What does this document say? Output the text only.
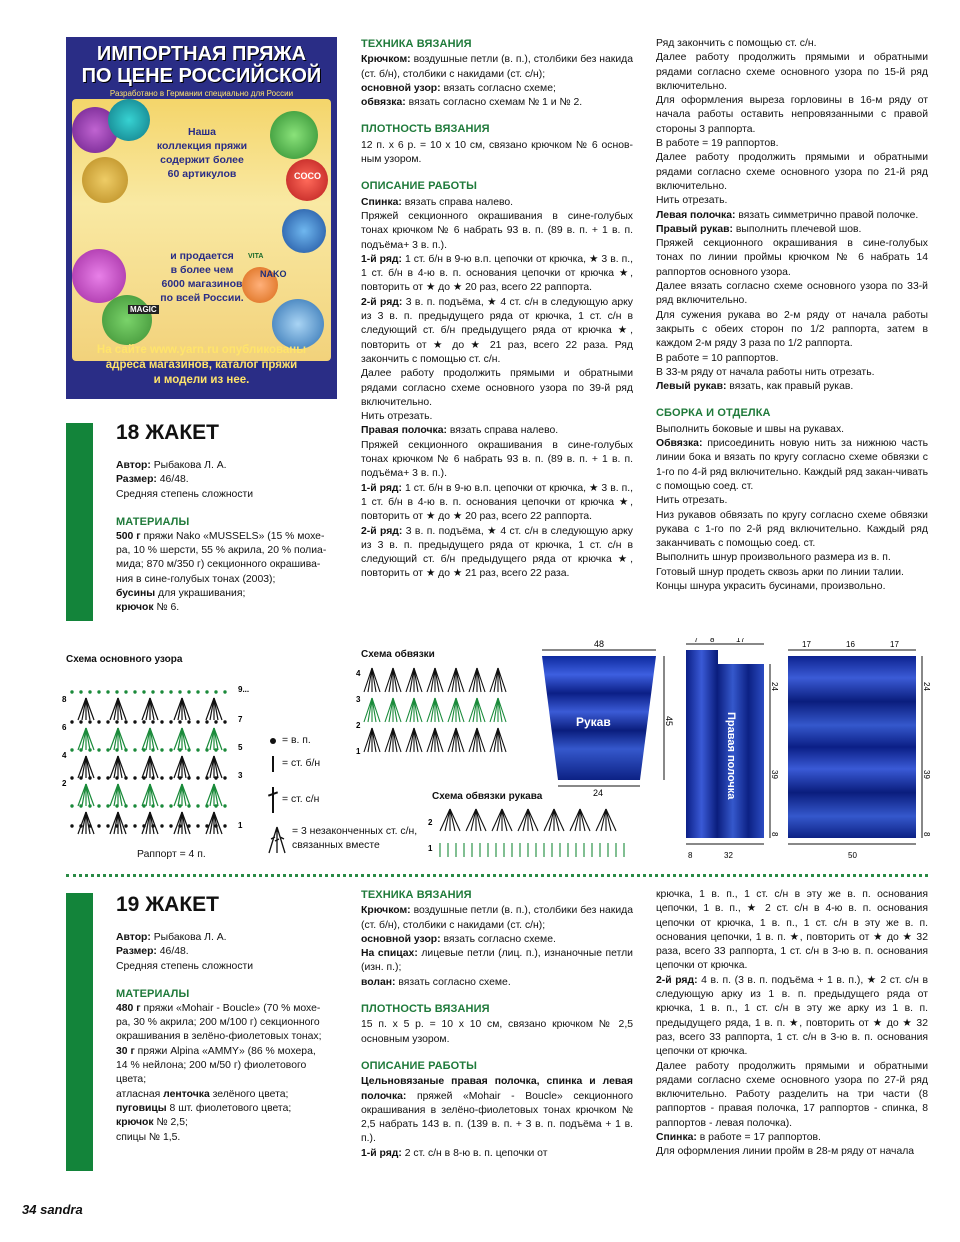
ИМПОРТНАЯ ПРЯЖА
ПО ЦЕНЕ РОССИЙСКОЙ
Разработано в Германии специально для России
COCO
NAKO
MAGIC
VITA
Наша
коллекция пряжи
содержит более
60 артикулов
и продается
в более чем
6000 магазинов
по всей России.
На сайте www.yarn.ru опубликованы
адреса магазинов, каталог пряжи
и модели из нее.
18 ЖАКЕТ

Автор: Рыбакова Л. А.

Размер: 46/48.

Средняя степень сложности

МАТЕРИАЛЫ

500 г пряжи Nako «MUSSELS» (15 % мохе-

ра, 10 % шерсти, 55 % акрила, 20 % полиа-

мида; 870 м/350 г) секционного окрашива-

ния в сине-голубых тонах (2003);

бусины для украшивания;

крючок № 6.

ТЕХНИКА ВЯЗАНИЯ

Крючком: воздушные петли (в. п.), столбики без накида (ст. б/н), столбики с накидами (ст. с/н);

основной узор: вязать согласно схеме;

обвязка: вязать согласно схемам № 1 и № 2.

ПЛОТНОСТЬ ВЯЗАНИЯ

12 п. х 6 р. = 10 х 10 см, связано крючком № 6 основ-ным узором.

ОПИСАНИЕ РАБОТЫ

Спинка: вязать справа налево.

Пряжей секционного окрашивания в сине-голубых тонах крючком № 6 набрать 93 в. п. (89 в. п. + 1 в. п. подъёма+ 3 в. п.).

1-й ряд: 1 ст. б/н в 9-ю в.п. цепочки от крючка, ★ 3 в. п., 1 ст. б/н в 4-ю в. п. основания цепочки от крючка ★, повторить от ★ до ★ 20 раз, всего 22 раппорта.

2-й ряд: 3 в. п. подъёма, ★ 4 ст. с/н в следующую арку из 3 в. п. предыдущего ряда от крючка, 1 ст. с/н в следующий ст. б/н предыдущего ряда от крючка ★, повторить от ★ до ★ 21 раз, всего 22 раза. Ряд закончить с помощью ст. с/н.

Далее работу продолжить прямыми и обратными рядами согласно схеме основного узора по 39-й ряд включительно.

Нить отрезать.

Правая полочка: вязать справа налево.

Пряжей секционного окрашивания в сине-голубых тонах крючком № 6 набрать 93 в. п. (89 в. п. + 1 в. п. подъёма+ 3 в. п.).

1-й ряд: 1 ст. б/н в 9-ю в.п. цепочки от крючка, ★ 3 в. п., 1 ст. б/н в 4-ю в. п. основания цепочки от крючка ★, повторить от ★ до ★ 20 раз, всего 22 раппорта.

2-й ряд: 3 в. п. подъёма, ★ 4 ст. с/н в следующую арку из 3 в. п. предыдущего ряда от крючка, 1 ст. с/н в следующий ст. б/н предыдущего ряда от крючка ★, повторить от ★ до ★ 21 раз, всего 22 раза.

Ряд закончить с помощью ст. с/н.

Далее работу продолжить прямыми и обратными рядами согласно схеме основного узора по 15-й ряд включительно.

Для оформления выреза горловины в 16-м ряду от начала работы оставить непровязанными с правой стороны 3 раппорта.

В работе = 19 раппортов.

Далее работу продолжить прямыми и обратными рядами согласно схеме основного узора по 21-й ряд включительно.

Нить отрезать.

Левая полочка: вязать симметрично правой полочке.

Правый рукав: выполнить плечевой шов.

Пряжей секционного окрашивания в сине-голубых тонах по линии проймы крючком № 6 набрать 14 раппортов основного узора.

Далее вязать согласно схеме основного узора по 33-й ряд включительно.

Для сужения рукава во 2-м ряду от начала работы закрыть с обеих сторон по 1/2 раппорта, затем в каждом 2-м ряду 3 раза по 1/2 раппорта.

В работе = 10 раппортов.

В 33-м ряду от начала работы нить отрезать.

Левый рукав: вязать, как правый рукав.

СБОРКА И ОТДЕЛКА

Выполнить боковые и швы на рукавах.

Обвязка: присоединить новую нить за нижнюю часть линии бока и вязать по кругу согласно схеме обвязки с 1-го по 4-й ряд включительно. Каждый ряд закан-чивать с помощью соед. ст.

Нить отрезать.

Низ рукавов обвязать по кругу согласно схеме обвязки рукава с 1-го по 2-й ряд включительно. Каждый ряд заканчивать с помощью соед. ст.

Выполнить шнур произвольного размера из в. п.

Готовый шнур продеть сквозь арки по линии талии.

Концы шнура украсить бусинами, произвольно.

Схема основного узора
8
6
4
2
9...
7
5
3
1
Раппорт = 4 п.
= в. п.
= ст. б/н
= ст. с/н
= 3 незаконченных ст. с/н, связанных вместе
Схема обвязки
4
3
2
1
Схема обвязки рукава
2
1
Рукав
48
45
24	Правая полочка
7 8	17
24
39
8
8	32
17	16	17
24
39
8
50
19 ЖАКЕТ

Автор: Рыбакова Л. А.

Размер: 46/48.

Средняя степень сложности

МАТЕРИАЛЫ

480 г пряжи «Mohair - Boucle» (70 % мохе-

ра, 30 % акрила; 200 м/100 г) секционного

окрашивания в зелёно-фиолетовых тонах;

30 г пряжи Alpina «AMMY» (86 % мохера,

14 % нейлона; 200 м/50 г) фиолетового

цвета;

атласная ленточка зелёного цвета;

пуговицы 8 шт. фиолетового цвета;

крючок № 2,5;

спицы № 1,5.

ТЕХНИКА ВЯЗАНИЯ

Крючком: воздушные петли (в. п.), столбики без накида (ст. б/н), столбики с накидами (ст. с/н);

основной узор: вязать согласно схеме.

На спицах: лицевые петли (лиц. п.), изнаночные петли (изн. п.);

волан: вязать согласно схеме.

ПЛОТНОСТЬ ВЯЗАНИЯ

15 п. х 5 р. = 10 х 10 см, связано крючком № 2,5 основным узором.

ОПИСАНИЕ РАБОТЫ

Цельновязаные правая полочка, спинка и левая полочка: пряжей «Mohair - Boucle» секционного окрашивания в зелёно-фиолетовых тонах крючком № 2,5 набрать 143 в. п. (139 в. п. + 3 в. п. подъёма + 1 в. п.).

1-й ряд: 2 ст. с/н в 8-ю в. п. цепочки от

крючка, 1 в. п., 1 ст. с/н в эту же в. п. основания цепочки, 1 в. п., ★ 2 ст. с/н в 4-ю в. п. основания цепочки от крючка, 1 в. п., 1 ст. с/н в эту же в. п. основания цепочки, 1 в. п. ★, повторить от ★ до ★ 32 раза, всего 33 раппорта, 1 ст. с/н в 3-ю в. п. основания цепочки от крючка.

2-й ряд: 4 в. п. (3 в. п. подъёма + 1 в. п.), ★ 2 ст. с/н в следующую арку из 1 в. п. предыдущего ряда от крючка, 1 в. п., 1 ст. с/н в эту же арку из 1 в. п. предыдущего ряда, 1 в. п. ★, повторить от ★ до ★ 32 раз, всего 33 раппорта, 1 ст. с/н в 3-ю в. п. основания цепочки от крючка.

Далее работу продолжить прямыми и обратными рядами согласно схеме основного узора по 27-й ряд включительно. Работу разделить на три части (8 раппортов - правая полочка, 17 раппортов - спинка, 8 раппортов - левая полочка).

Спинка: в работе = 17 раппортов.

Для оформления линии пройм в 28-м ряду от начала

34 sandra
